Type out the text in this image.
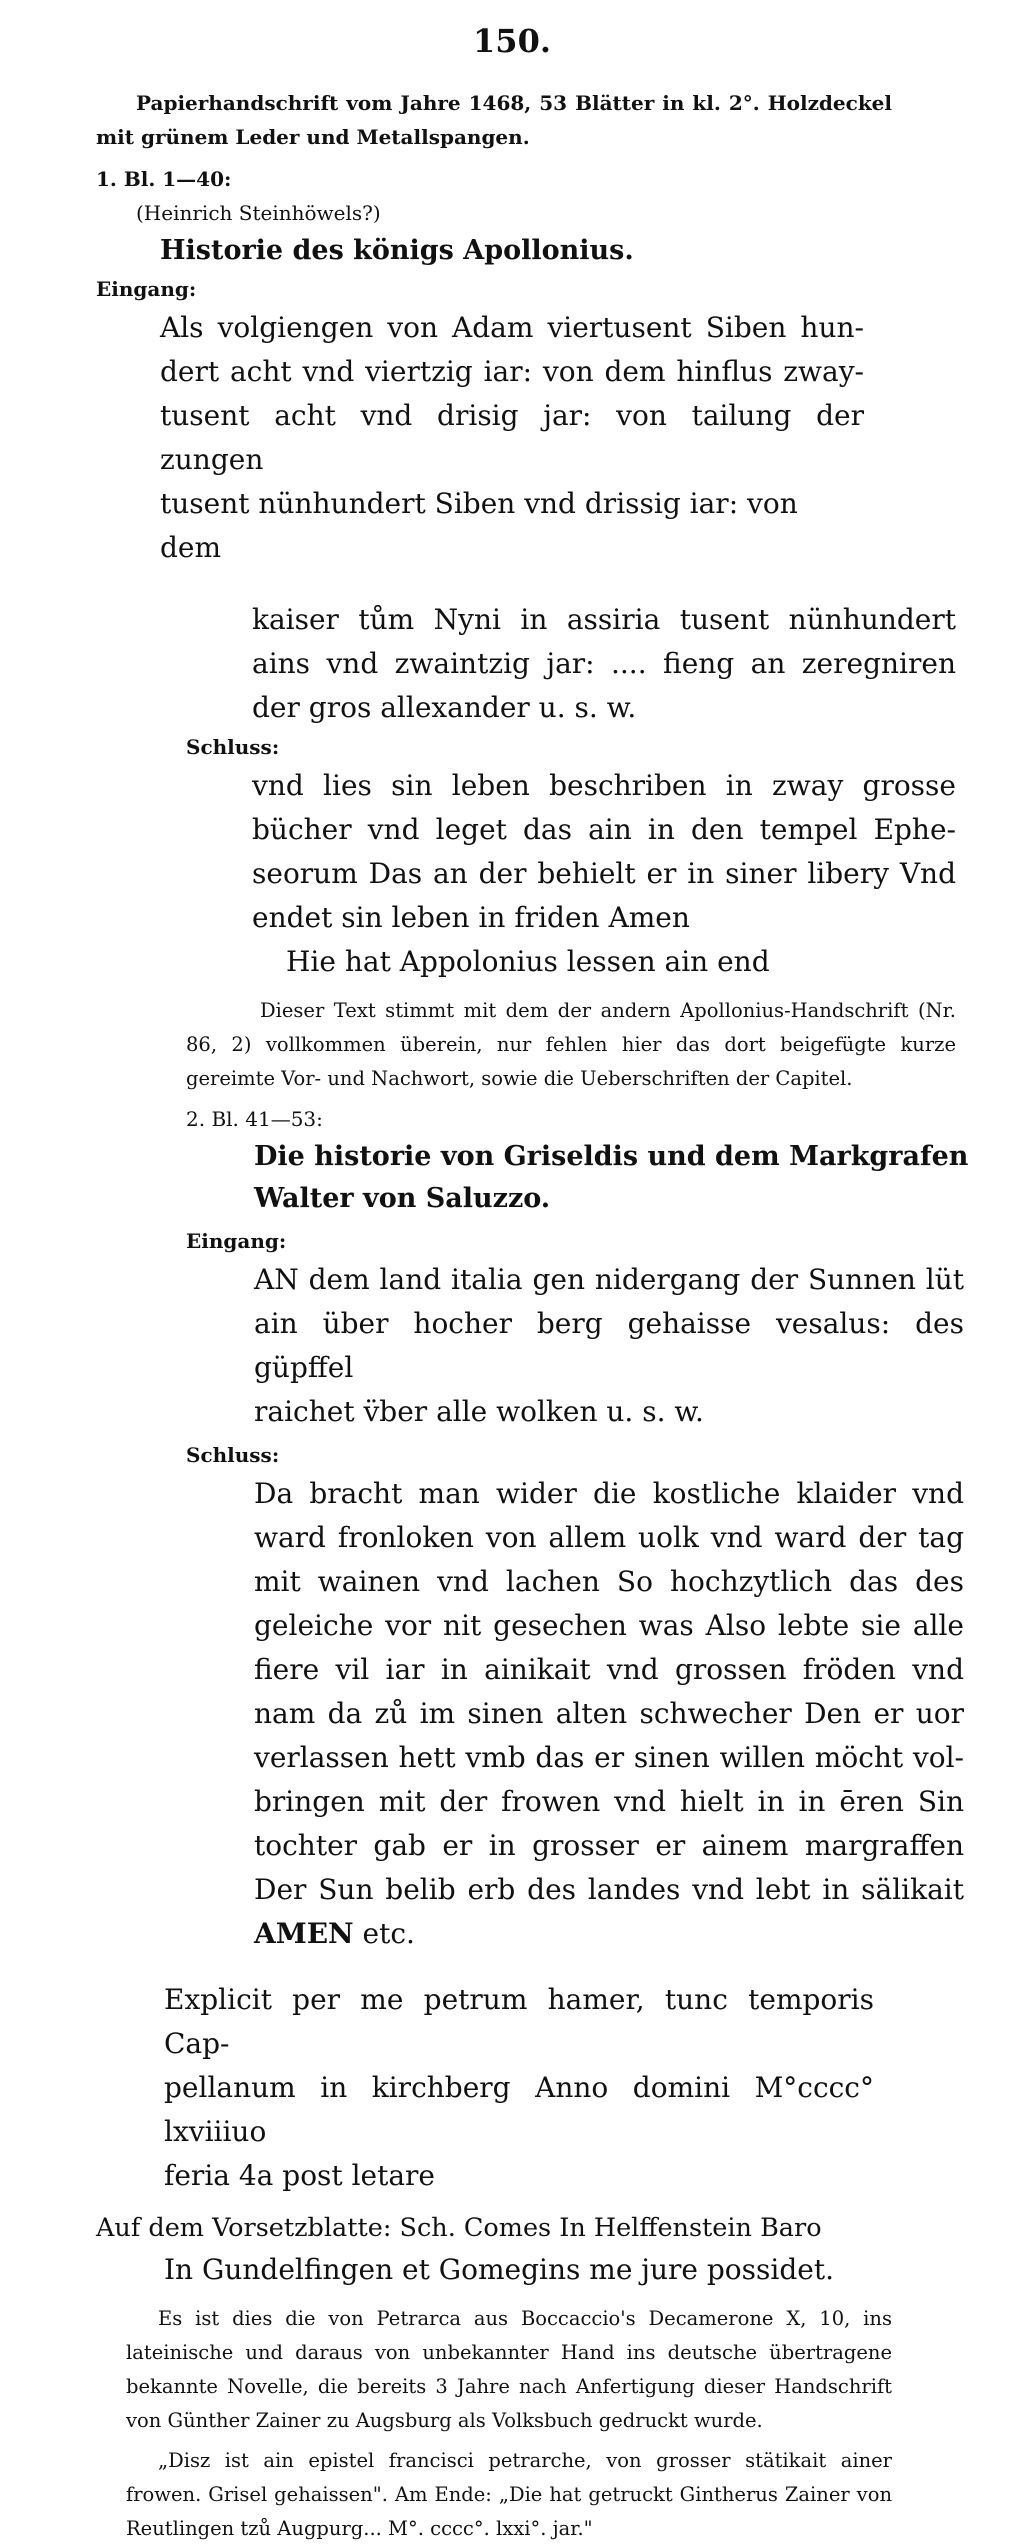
150.

Papierhandschrift vom Jahre 1468, 53 Blätter in kl. 2°. Holzdeckel mit grünem Leder und Metallspangen.

1. Bl. 1—40:
(Heinrich Steinhöwels?)
Historie des königs Apollonius.
Eingang:
Als volgiengen von Adam viertusent Siben hun-
dert acht vnd viertzig iar: von dem hinflus zway-
tusent acht vnd drisig jar: von tailung der zungen
tusent nünhundert Siben vnd drissig iar: von dem
kaiser tům Nyni in assiria tusent nünhundert
ains vnd zwaintzig jar: .... fieng an zeregniren
der gros allexander u. s. w.
Schluss:
vnd lies sin leben beschriben in zway grosse
bücher vnd leget das ain in den tempel Ephe-
seorum Das an der behielt er in siner libery Vnd
endet sin leben in friden Amen
Hie hat Appolonius lessen ain end

Dieser Text stimmt mit dem der andern Apollonius-Handschrift (Nr. 86, 2) vollkommen überein, nur fehlen hier das dort beigefügte kurze gereimte Vor- und Nachwort, sowie die Ueberschriften der Capitel.

2. Bl. 41—53:
Die historie von Griseldis und dem Markgrafen
Walter von Saluzzo.
Eingang:
AN dem land italia gen nidergang der Sunnen lüt
ain über hocher berg gehaisse vesalus: des güpffel
raichet v̈ber alle wolken u. s. w.
Schluss:
Da bracht man wider die kostliche klaider vnd
ward fronloken von allem uolk vnd ward der tag
mit wainen vnd lachen So hochzytlich das des
geleiche vor nit gesechen was Also lebte sie alle
fiere vil iar in ainikait vnd grossen fröden vnd
nam da zů im sinen alten schwecher Den er uor
verlassen hett vmb das er sinen willen möcht vol-
bringen mit der frowen vnd hielt in in ēren Sin
tochter gab er in grosser er ainem margraffen
Der Sun belib erb des landes vnd lebt in sälikait
AMEN etc.
Explicit per me petrum hamer, tunc temporis Cap-
pellanum in kirchberg Anno domini M°cccc° lxviiiuo
feria 4a post letare
Auf dem Vorsetzblatte: Sch. Comes In Helffenstein Baro
In Gundelfingen et Gomegins me jure possidet.

Es ist dies die von Petrarca aus Boccaccio's Decamerone X, 10, ins lateinische und daraus von unbekannter Hand ins deutsche übertragene bekannte Novelle, die bereits 3 Jahre nach Anfertigung dieser Handschrift von Günther Zainer zu Augsburg als Volksbuch gedruckt wurde.

„Disz ist ain epistel francisci petrarche, von grosser stätikait ainer frowen. Grisel gehaissen". Am Ende: „Die hat getruckt Gintherus Zainer von Reutlingen tzů Augpurg... M°. cccc°. lxxi°. jar."
